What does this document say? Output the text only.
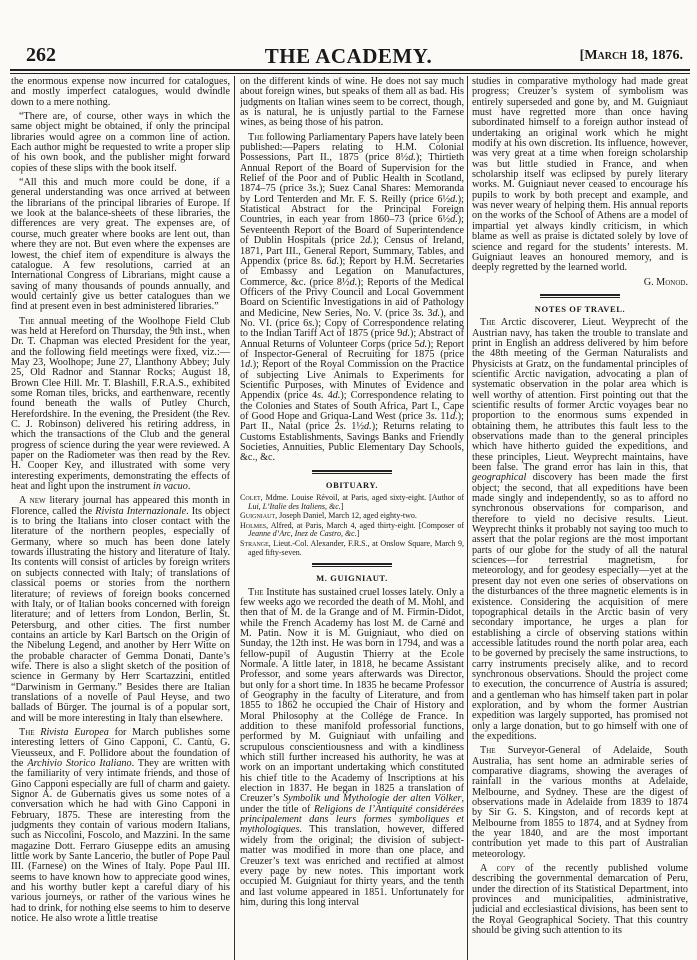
262	THE ACADEMY.	[March 18, 1876.

the enormous expense now incurred for catalogues, and mostly imperfect catalogues, would dwindle down to a mere nothing.

“There are, of course, other ways in which the same object might be obtained, if only the principal libraries would agree on a common line of action. Each author might be requested to write a proper slip of his own book, and the publisher might forward copies of these slips with the book itself.

“All this and much more could be done, if a general understanding was once arrived at between the librarians of the principal libraries of Europe. If we look at the balance-sheets of these libraries, the differences are very great. The expenses are, of course, much greater where books are lent out, than where they are not. But even where the expenses are lowest, the chief item of expenditure is always the catalogue. A few resolutions, carried at an International Congress of Librarians, might cause a saving of many thousands of pounds annually, and would certainly give us better catalogues than we find at present even in best administered libraries.”

The annual meeting of the Woolhope Field Club was held at Hereford on Thursday, the 9th inst., when Dr. T. Chapman was elected President for the year, and the following field meetings were fixed, viz.:—May 23, Woolhope; June 27, Llanthony Abbey; July 25, Old Radnor and Stannar Rocks; August 18, Brown Clee Hill. Mr. T. Blashill, F.R.A.S., exhibited some Roman tiles, bricks, and earthenware, recently found beneath the walls of Putley Church, Herefordshire. In the evening, the President (the Rev. C. J. Robinson) delivered his retiring address, in which the transactions of the Club and the general progress of science during the year were reviewed. A paper on the Radiometer was then read by the Rev. H. Cooper Key, and illustrated with some very interesting experiments, demonstrating the effects of heat and light upon the instrument in vacuo.

A new literary journal has appeared this month in Florence, called the Rivista Internazionale. Its object is to bring the Italians into closer contact with the literature of the northern peoples, especially of Germany, where so much has been done lately towards illustrating the history and literature of Italy. Its contents will consist of articles by foreign writers on subjects connected with Italy; of translations of classical poems or stories from the northern literature; of reviews of foreign books concerned with Italy, or of Italian books concerned with foreign literature; and of letters from London, Berlin, St. Petersburg, and other cities. The first number contains an article by Karl Bartsch on the Origin of the Nibelung Legend, and another by Herr Witte on the probable character of Gemma Donati, Dante’s wife. There is also a slight sketch of the position of science in Germany by Herr Scartazzini, entitled “Darwinism in Germany.” Besides there are Italian translations of a novelle of Paul Heyse, and two ballads of Bürger. The journal is of a popular sort, and will be more interesting in Italy than elsewhere.

The Rivista Europea for March publishes some interesting letters of Gino Capponi, C. Cantù, G. Vieusseux, and F. Pollidore about the foundation of the Archivio Storico Italiano. They are written with the familiarity of very intimate friends, and those of Gino Capponi especially are full of charm and gaiety. Signor A. de Gubernatis gives us some notes of a conversation which he had with Gino Capponi in February, 1875. These are interesting from the judgments they contain of various modern Italians, such as Niccolini, Foscolo, and Mazzini. In the same magazine Dott. Ferraro Giuseppe edits an amusing little work by Sante Lancerio, the butler of Pope Paul III. (Farnese) on the Wines of Italy. Pope Paul III. seems to have known how to appreciate good wines, and his worthy butler kept a careful diary of his various journeys, or rather of the various wines he had to drink, for nothing else seems to him to deserve notice. He also wrote a little treatise

on the different kinds of wine. He does not say much about foreign wines, but speaks of them all as bad. His judgments on Italian wines seem to be correct, though, as is natural, he is unjustly partial to the Farnese wines, as being those of his patron.

The following Parliamentary Papers have lately been published:—Papers relating to H.M. Colonial Possessions, Part II., 1875 (price 8½d.); Thirtieth Annual Report of the Board of Supervision for the Relief of the Poor and of Public Health in Scotland, 1874–75 (price 3s.); Suez Canal Shares: Memoranda by Lord Tenterden and Mr. F. S. Reilly (price 6½d.); Statistical Abstract for the Principal Foreign Countries, in each year from 1860–73 (price 6½d.); Seventeenth Report of the Board of Superintendence of Dublin Hospitals (price 2d.); Census of Ireland, 1871, Part III., General Report, Summary, Tables, and Appendix (price 8s. 6d.); Report by H.M. Secretaries of Embassy and Legation on Manufactures, Commerce, &c. (price 8½d.); Reports of the Medical Officers of the Privy Council and Local Government Board on Scientific Investigations in aid of Pathology and Medicine, New Series, No. V. (price 3s. 3d.), and No. VI. (price 6s.); Copy of Correspondence relating to the Indian Tariff Act of 1875 (price 9d.); Abstract of Annual Returns of Volunteer Corps (price 5d.); Report of Inspector-General of Recruiting for 1875 (price 1d.); Report of the Royal Commission on the Practice of subjecting Live Animals to Experiments for Scientific Purposes, with Minutes of Evidence and Appendix (price 4s. 4d.); Correspondence relating to the Colonies and States of South Africa, Part I., Cape of Good Hope and Griqua-Land West (price 3s. 11d.); Part II., Natal (price 2s. 1½d.); Returns relating to Customs Establishments, Savings Banks and Friendly Societies, Annuities, Public Elementary Day Schools, &c., &c.

OBITUARY.

Colet, Mdme. Louise Révoil, at Paris, aged sixty-eight. [Author of Lui, L’Italie des Italiens, &c.]

Guigniaut, Joseph Daniel, March 12, aged eighty-two.

Holmes, Alfred, at Paris, March 4, aged thirty-eight. [Composer of Jeanne d’Arc, Inez de Castro, &c.]

Strange, Lieut.-Col. Alexander, F.R.S., at Onslow Square, March 9, aged fifty-seven.

M. GUIGNIAUT.

The Institute has sustained cruel losses lately. Only a few weeks ago we recorded the death of M. Mohl, and then that of M. de la Grange and of M. Firmin-Didot, while the French Academy has lost M. de Carné and M. Patin. Now it is M. Guigniaut, who died on Sunday, the 12th inst. He was born in 1794, and was a fellow-pupil of Augustin Thierry at the Ecole Normale. A little later, in 1818, he became Assistant Professor, and some years afterwards was Director, but only for a short time. In 1835 he became Professor of Geography in the faculty of Literature, and from 1855 to 1862 he occupied the Chair of History and Moral Philosophy at the Collége de France. In addition to these manifold professorial functions, performed by M. Guigniaut with unfailing and scrupulous conscientiousness and with a kindliness which still further increased his authority, he was at work on an important undertaking which constituted his chief title to the Academy of Inscriptions at his election in 1837. He began in 1825 a translation of Creuzer’s Symbolik und Mythologie der alten Völker, under the title of Religions de l’Antiquité considérées principalement dans leurs formes symboliques et mythologiques. This translation, however, differed widely from the original; the division of subject-matter was modified in more than one place, and Creuzer’s text was enriched and rectified at almost every page by new notes. This important work occupied M. Guigniaut for thirty years, and the tenth and last volume appeared in 1851. Unfortunately for him, during this long interval

studies in comparative mythology had made great progress; Creuzer’s system of symbolism was entirely superseded and gone by, and M. Guigniaut must have regretted more than once having subordinated himself to a foreign author instead of undertaking an original work which he might modify at his own discretion. Its influence, however, was very great at a time when foreign scholarship was but little studied in France, and when scholarship itself was eclipsed by purely literary works. M. Guigniaut never ceased to encourage his pupils to work by both precept and example, and was never weary of helping them. His annual reports on the works of the School of Athens are a model of impartial yet always kindly criticism, in which blame as well as praise is dictated solely by love of science and regard for the students’ interests. M. Guigniaut leaves an honoured memory, and is deeply regretted by the learned world.

G. Monod.
NOTES OF TRAVEL.

The Arctic discoverer, Lieut. Weyprecht of the Austrian navy, has taken the trouble to translate and print in English an address delivered by him before the 48th meeting of the German Naturalists and Physicists at Gratz, on the fundamental principles of scientific Arctic navigation, advocating a plan of systematic observation in the polar area which is well worthy of attention. First pointing out that the scientific results of former Arctic voyages bear no proportion to the enormous sums expended in obtaining them, he attributes this fault less to the observations made than to the general principles which have hitherto guided the expeditions, and these principles, Lieut. Weyprecht maintains, have been false. The grand error has lain in this, that geographical discovery has been made the first object; the second, that all expeditions have been made singly and independently, so as to afford no synchronous observations for comparison, and therefore to yield no decisive results. Lieut. Weyprecht thinks it probably not saying too much to assert that the polar regions are the most important parts of our globe for the study of all the natural sciences—for terrestrial magnetism, for meteorology, and for geodesy especially—yet at the present day not even one series of observations on the disturbances of the three magnetic elements is in existence. Considering the acquisition of mere topographical details in the Arctic basin of very secondary importance, he urges a plan for establishing a circle of observing stations within accessible latitudes round the north polar area, each to be governed by precisely the same instructions, to carry instruments precisely alike, and to record synchronous observations. Should the project come to execution, the concurrence of Austria is assured; and a gentleman who has himself taken part in polar exploration, and by whom the former Austrian expedition was largely supported, has promised not only a large donation, but to go himself with one of the expeditions.

The Surveyor-General of Adelaide, South Australia, has sent home an admirable series of comparative diagrams, showing the averages of rainfall in the various months at Adelaide, Melbourne, and Sydney. These are the digest of observations made in Adelaide from 1839 to 1874 by Sir G. S. Kingston, and of records kept at Melbourne from 1855 to 1874, and at Sydney from the year 1840, and are the most important contribution yet made to this part of Australian meteorology.

A copy of the recently published volume describing the governmental demarcation of Peru, under the direction of its Statistical Department, into provinces and municipalities, administrative, judicial and ecclesiastical divisions, has been sent to the Royal Geographical Society. That this country should be giving such attention to its
